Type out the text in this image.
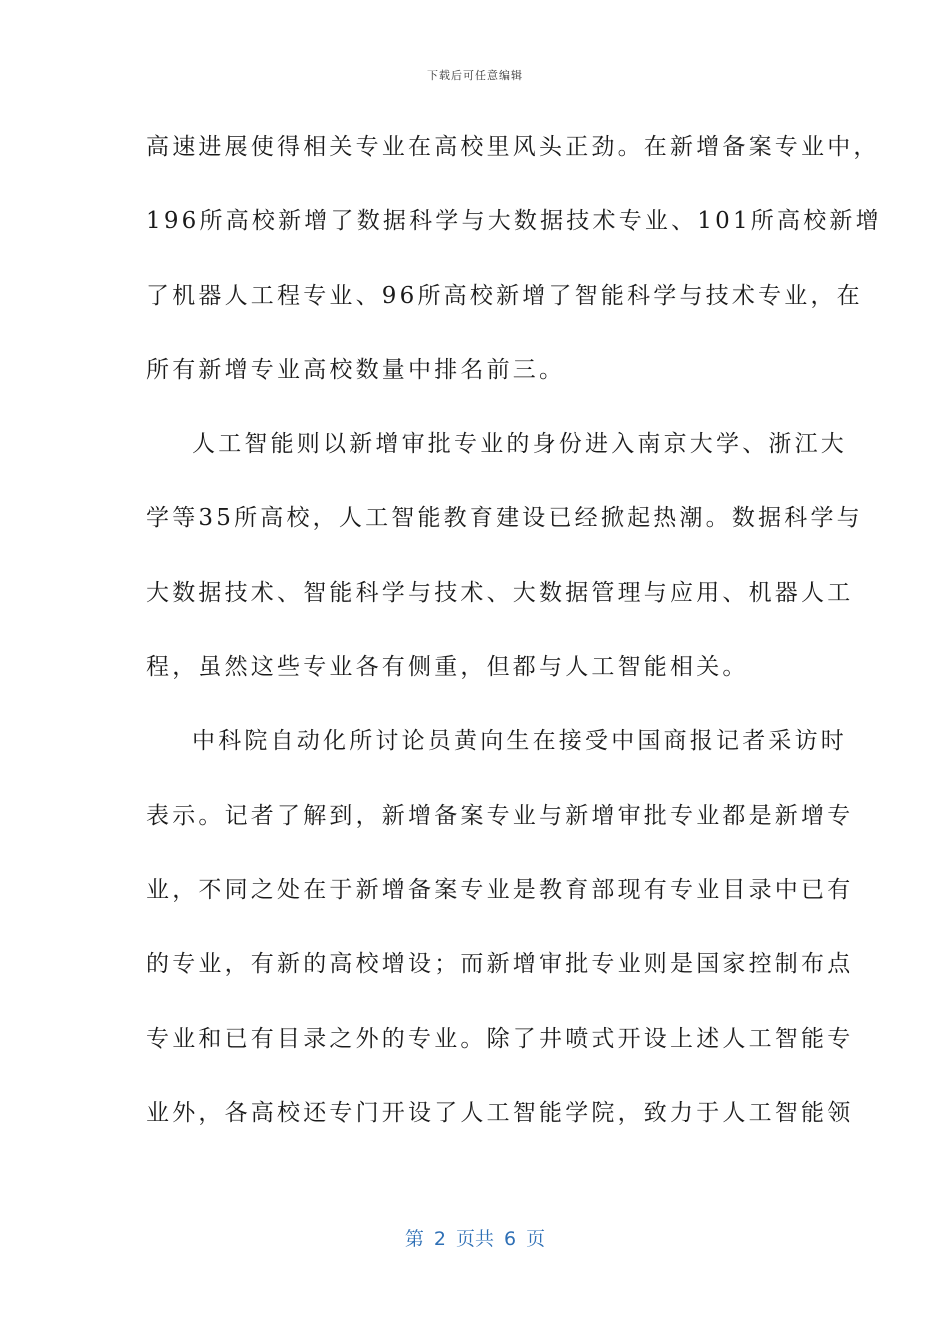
下载后可任意编辑
高速进展使得相关专业在高校里风头正劲。在新增备案专业中，
196所高校新增了数据科学与大数据技术专业、101所高校新增
了机器人工程专业、96所高校新增了智能科学与技术专业，在
所有新增专业高校数量中排名前三。
人工智能则以新增审批专业的身份进入南京大学、浙江大
学等35所高校，人工智能教育建设已经掀起热潮。数据科学与
大数据技术、智能科学与技术、大数据管理与应用、机器人工
程，虽然这些专业各有侧重，但都与人工智能相关。
中科院自动化所讨论员黄向生在接受中国商报记者采访时
表示。记者了解到，新增备案专业与新增审批专业都是新增专
业，不同之处在于新增备案专业是教育部现有专业目录中已有
的专业，有新的高校增设；而新增审批专业则是国家控制布点
专业和已有目录之外的专业。除了井喷式开设上述人工智能专
业外，各高校还专门开设了人工智能学院，致力于人工智能领
第 2 页共 6 页
